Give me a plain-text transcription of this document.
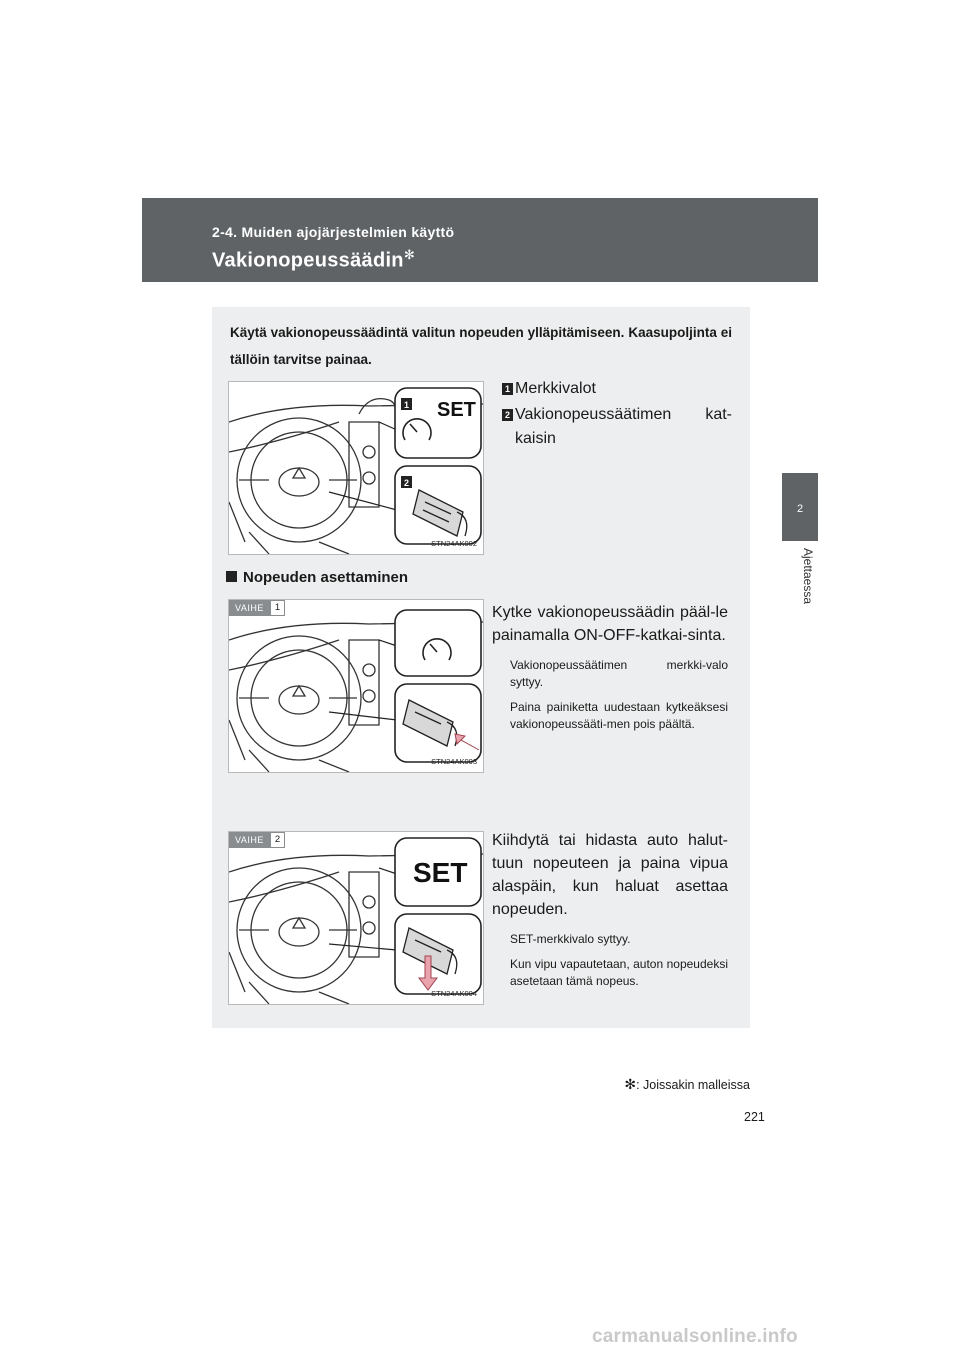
2-4. Muiden ajojärjestelmien käyttö
Vakionopeussäädin✻
2
Ajettaessa
Käytä vakionopeussäädintä valitun nopeuden ylläpitämiseen. Kaasupoljinta ei tällöin tarvitse painaa.
SET
1
2
STN24AK002
1 Merkkivalot
2 Vakionopeussäätimen kat-kaisin
Nopeuden asettaminen
VAIHE	1
STN24AK003
Kytke vakionopeussäädin pääl-le painamalla ON-OFF-katkai-sinta.
Vakionopeussäätimen merkki-valo syttyy.
Paina painiketta uudestaan kytkeäksesi vakionopeussääti-men pois päältä.
SET
VAIHE	2
STN24AK004
Kiihdytä tai hidasta auto halut-tuun nopeuteen ja paina vipua alaspäin, kun haluat asettaa nopeuden.
SET-merkkivalo syttyy.
Kun vipu vapautetaan, auton nopeudeksi asetetaan tämä nopeus.
✻: Joissakin malleissa
221
carmanualsonline.info
